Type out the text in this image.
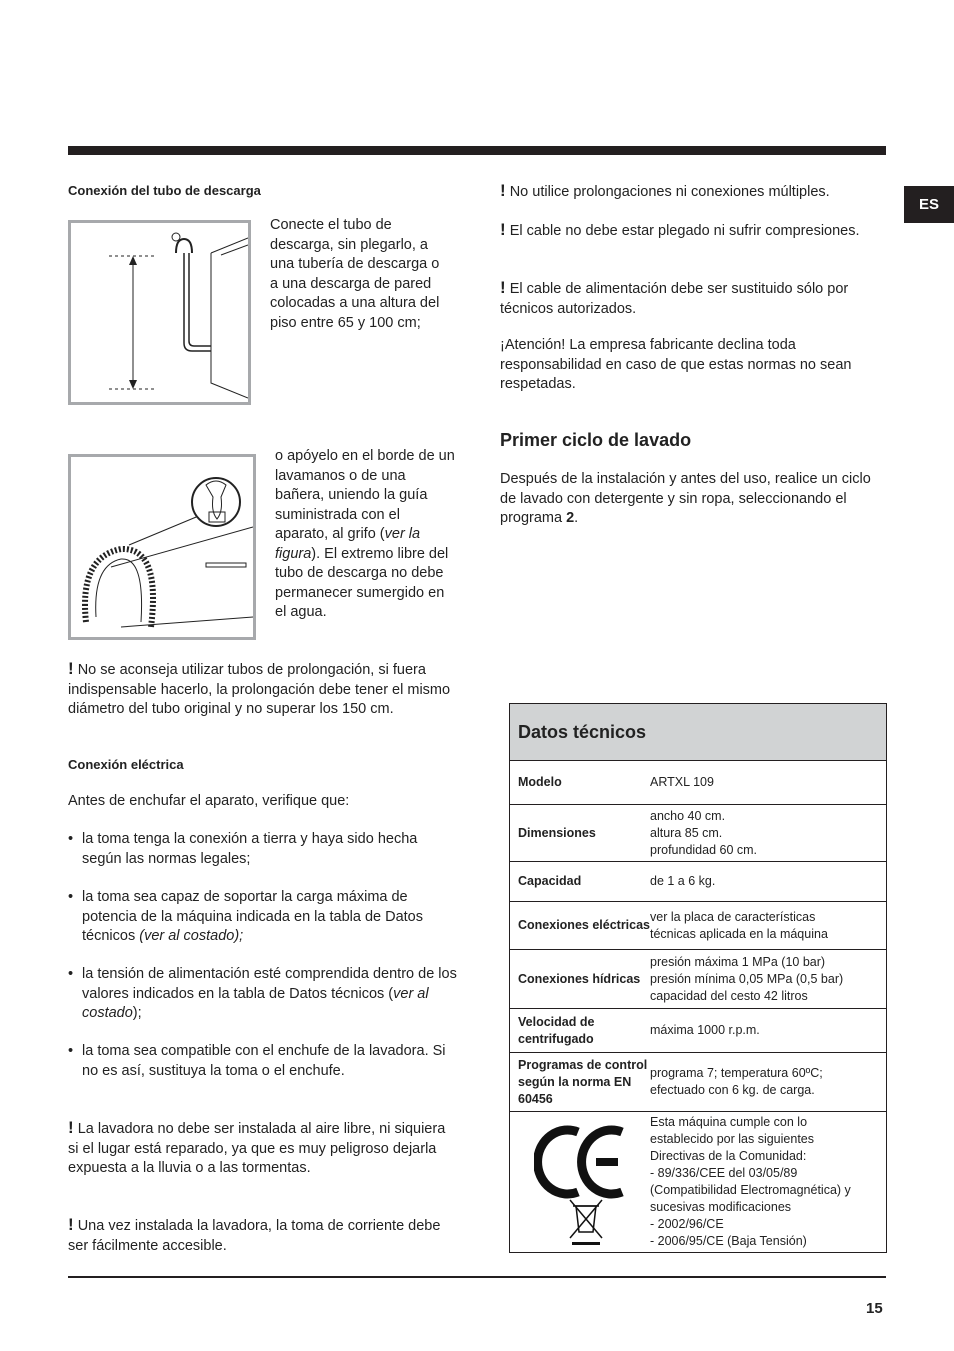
ES
Conexión del tubo de descarga

Conecte el tubo de descarga, sin plegarlo, a una tubería de descarga o a una descarga de pared colocadas a una altura del piso entre 65 y 100 cm;

o apóyelo en el borde de un lavamanos o de una bañera, uniendo la guía suministrada con el aparato, al grifo (ver la figura). El extremo libre del tubo de descarga no debe permanecer sumergido en el agua.

! No se aconseja utilizar tubos de prolongación, si fuera indispensable hacerlo, la prolongación debe tener el mismo diámetro del tubo original y no superar los 150 cm.

Conexión eléctrica

Antes de enchufar el aparato, verifique que:

• la toma tenga la conexión a tierra y haya sido hecha según las normas legales;
• la toma sea capaz de soportar la carga máxima de potencia de la máquina indicada en la tabla de Datos técnicos (ver al costado);
• la tensión de alimentación esté comprendida dentro de los valores indicados en la tabla de Datos técnicos (ver al costado);
• la toma sea compatible con el enchufe de la lavadora. Si no es así, sustituya la toma o el enchufe.

! La lavadora no debe ser instalada al aire libre, ni siquiera si el lugar está reparado, ya que es muy peligroso dejarla expuesta a la lluvia o a las tormentas.

! Una vez instalada la lavadora, la toma de corriente debe ser fácilmente accesible.

! No utilice prolongaciones ni conexiones múltiples.

! El cable no debe estar plegado ni sufrir compresiones.

! El cable de alimentación debe ser sustituido sólo por técnicos autorizados.

¡Atención! La empresa fabricante declina toda responsabilidad en caso de que estas normas no sean respetadas.

Primer ciclo de lavado

Después de la instalación y antes del uso, realice un ciclo de lavado con detergente y sin ropa, seleccionando el programa 2.

Datos técnicos
Modelo	ARTXL 109
Dimensiones
ancho 40 cm.
altura 85 cm.
profundidad 60 cm.
Capacidad	de 1 a 6 kg.
Conexiones eléctricas
ver la placa de características
técnicas aplicada en la máquina
Conexiones hídricas
presión máxima 1 MPa (10 bar)
presión mínima 0,05 MPa (0,5 bar)
capacidad del cesto 42 litros
Velocidad de centrifugado
máxima 1000 r.p.m.
Programas de control según la norma EN 60456
programa 7; temperatura 60ºC;
efectuado con 6 kg. de carga.
Esta máquina cumple con lo
establecido por las siguientes
Directivas de la Comunidad:
- 89/336/CEE del 03/05/89
(Compatibilidad Electromagnética) y
sucesivas modificaciones
- 2002/96/CE
- 2006/95/CE (Baja Tensión)
15
